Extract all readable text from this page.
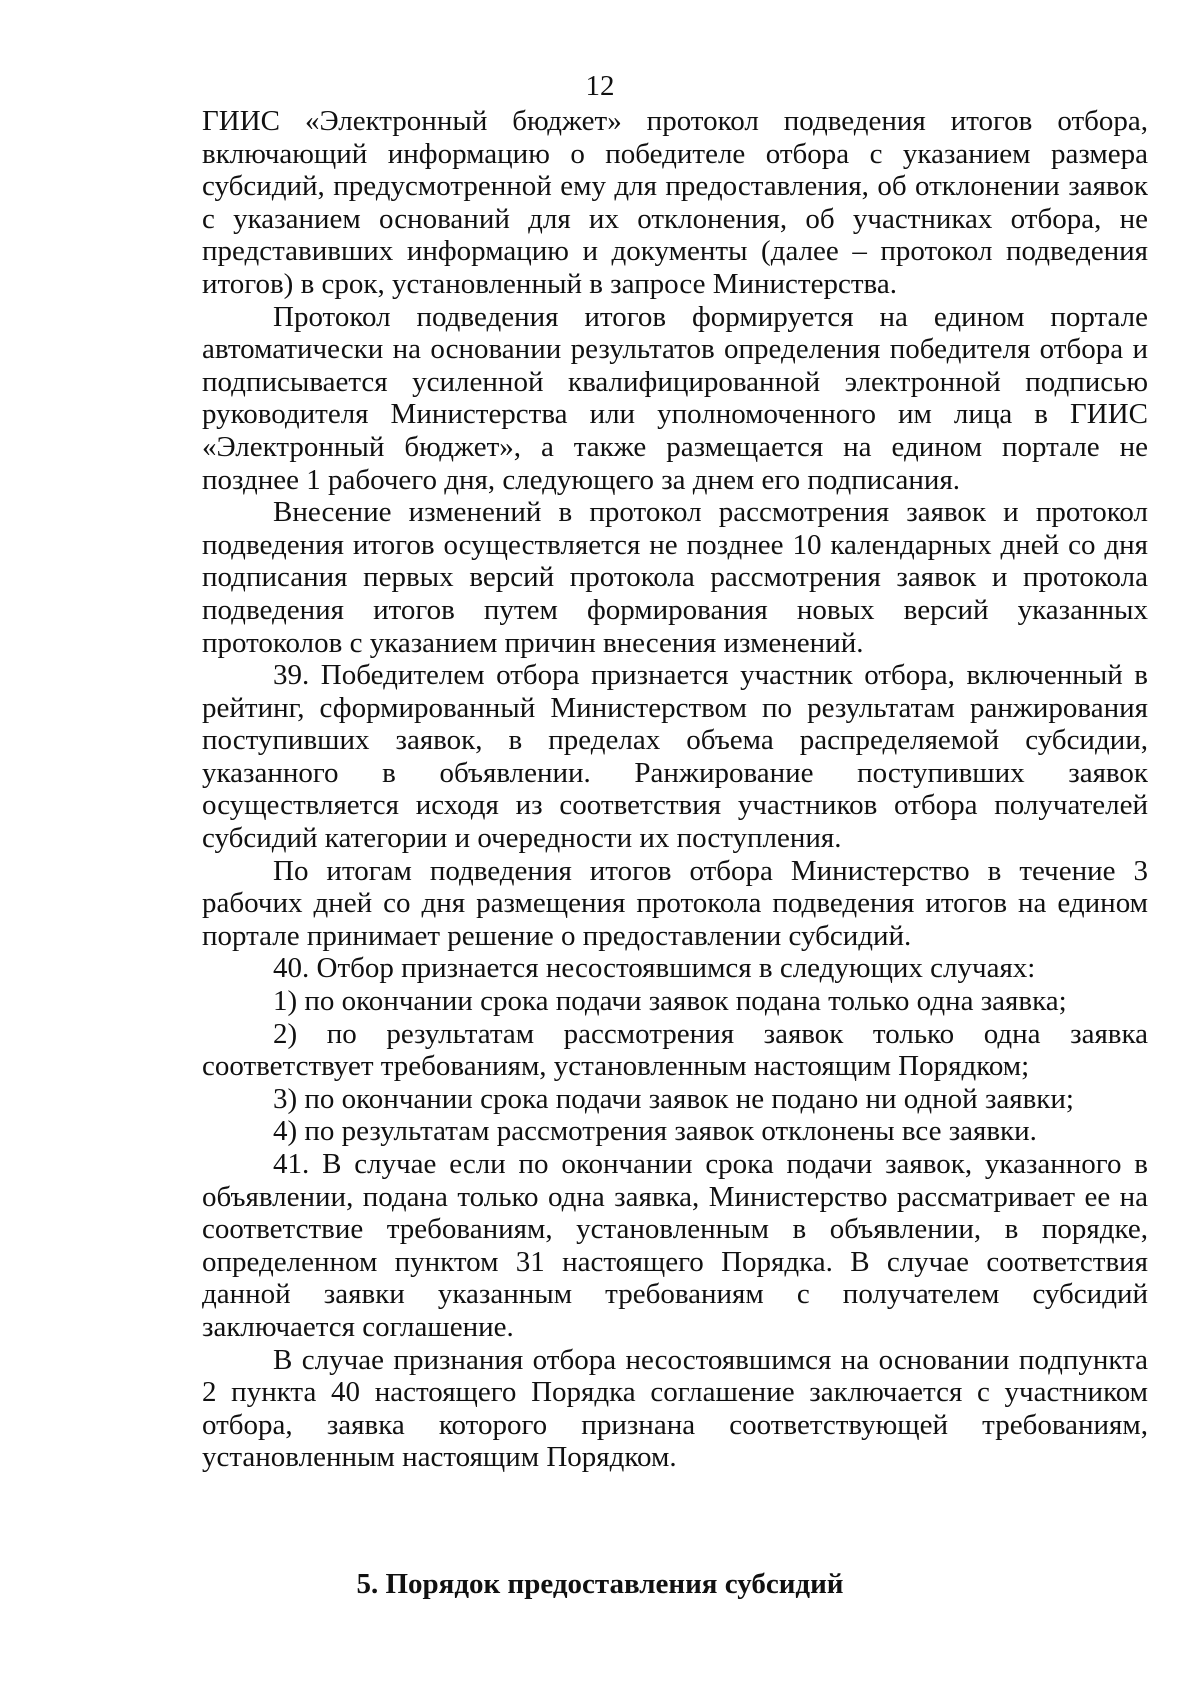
12

ГИИС «Электронный бюджет» протокол подведения итогов отбора, включающий информацию о победителе отбора с указанием размера субсидий, предусмотренной ему для предоставления, об отклонении заявок с указанием оснований для их отклонения, об участниках отбора, не представивших информацию и документы (далее – протокол подведения итогов) в срок, установленный в запросе Министерства.

Протокол подведения итогов формируется на едином портале автоматически на основании результатов определения победителя отбора и подписывается усиленной квалифицированной электронной подписью руководителя Министерства или уполномоченного им лица в ГИИС «Электронный бюджет», а также размещается на едином портале не позднее 1 рабочего дня, следующего за днем его подписания.

Внесение изменений в протокол рассмотрения заявок и протокол подведения итогов осуществляется не позднее 10 календарных дней со дня подписания первых версий протокола рассмотрения заявок и протокола подведения итогов путем формирования новых версий указанных протоколов с указанием причин внесения изменений.

39. Победителем отбора признается участник отбора, включенный в рейтинг, сформированный Министерством по результатам ранжирования поступивших заявок, в пределах объема распределяемой субсидии, указанного в объявлении. Ранжирование поступивших заявок осуществляется исходя из соответствия участников отбора получателей субсидий категории и очередности их поступления.

По итогам подведения итогов отбора Министерство в течение 3 рабочих дней со дня размещения протокола подведения итогов на едином портале принимает решение о предоставлении субсидий.

40. Отбор признается несостоявшимся в следующих случаях:

1) по окончании срока подачи заявок подана только одна заявка;

2) по результатам рассмотрения заявок только одна заявка соответствует требованиям, установленным настоящим Порядком;

3) по окончании срока подачи заявок не подано ни одной заявки;

4) по результатам рассмотрения заявок отклонены все заявки.

41. В случае если по окончании срока подачи заявок, указанного в объявлении, подана только одна заявка, Министерство рассматривает ее на соответствие требованиям, установленным в объявлении, в порядке, определенном пунктом 31 настоящего Порядка. В случае соответствия данной заявки указанным требованиям с получателем субсидий заключается соглашение.

В случае признания отбора несостоявшимся на основании подпункта 2 пункта 40 настоящего Порядка соглашение заключается с участником отбора, заявка которого признана соответствующей требованиям, установленным настоящим Порядком.

5. Порядок предоставления субсидий
